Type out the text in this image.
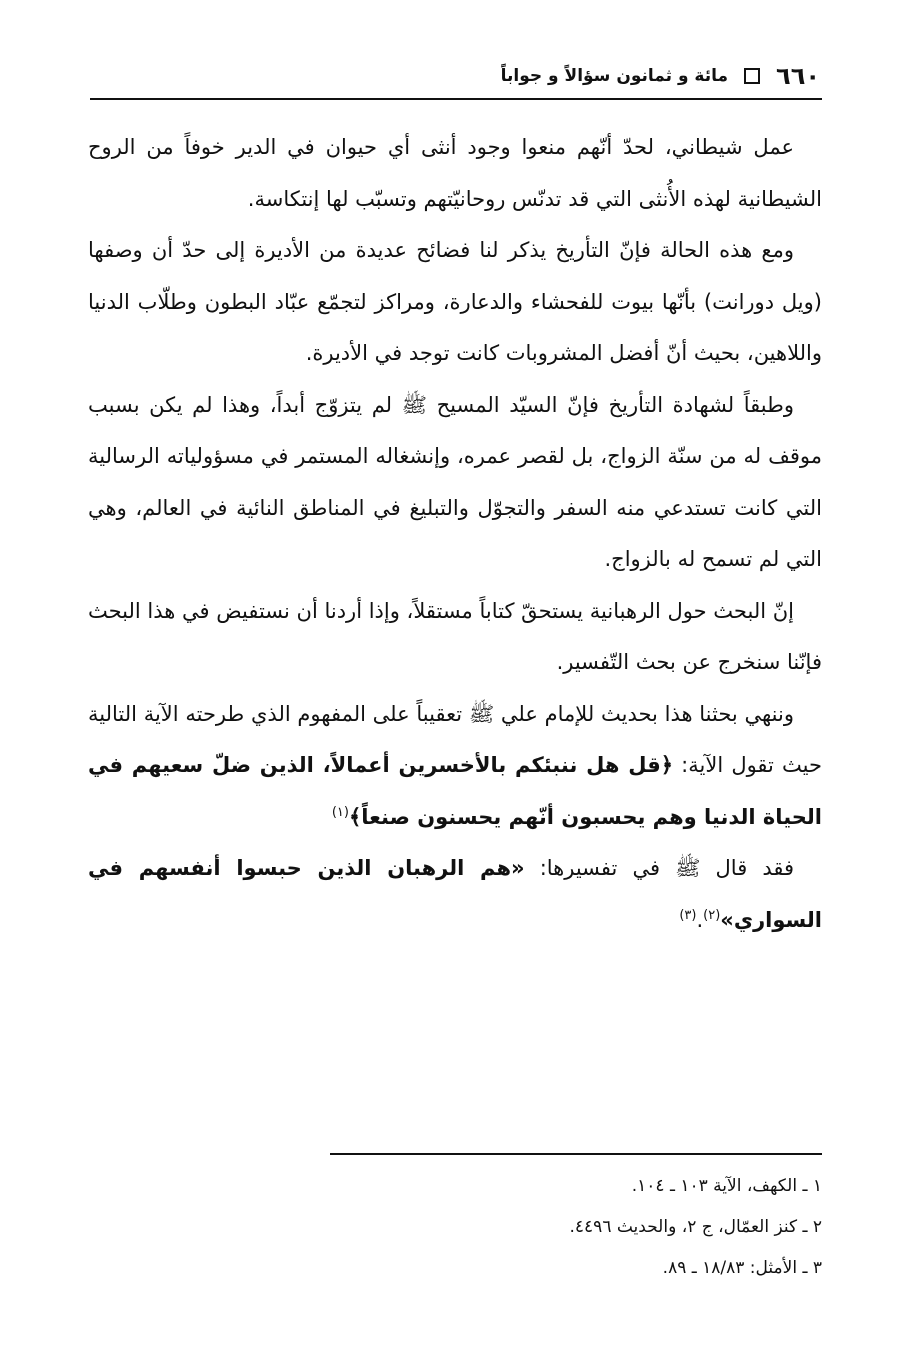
٦٦٠
مائة و ثمانون سؤالاً و جواباً

عمل شيطاني، لحدّ أنّهم منعوا وجود أنثى أي حيوان في الدير خوفاً من الروح الشيطانية لهذه الأُنثى التي قد تدنّس روحانيّتهم وتسبّب لها إنتكاسة.

ومع هذه الحالة فإنّ التأريخ يذكر لنا فضائح عديدة من الأديرة إلى حدّ أن وصفها (ويل دورانت) بأنّها بيوت للفحشاء والدعارة، ومراكز لتجمّع عبّاد البطون وطلّاب الدنيا واللاهين، بحيث أنّ أفضل المشروبات كانت توجد في الأديرة.

وطبقاً لشهادة التأريخ فإنّ السيّد المسيح ﷺ لم يتزوّج أبداً، وهذا لم يكن بسبب موقف له من سنّة الزواج، بل لقصر عمره، وإنشغاله المستمر في مسؤولياته الرسالية التي كانت تستدعي منه السفر والتجوّل والتبليغ في المناطق النائية في العالم، وهي التي لم تسمح له بالزواج.

إنّ البحث حول الرهبانية يستحقّ كتاباً مستقلاً، وإذا أردنا أن نستفيض في هذا البحث فإنّنا سنخرج عن بحث التّفسير.

وننهي بحثنا هذا بحديث للإمام علي ﷺ تعقيباً على المفهوم الذي طرحته الآية التالية حيث تقول الآية: ﴿قل هل ننبئكم بالأخسرين أعمالاً، الذين ضلّ سعيهم في الحياة الدنيا وهم يحسبون أنّهم يحسنون صنعاً﴾$^{(١)}$

فقد قال ﷺ في تفسيرها: «هم الرهبان الذين حبسوا أنفسهم في السواري»$^{(٢)}$.$^{(٣)}$

١ ـ الكهف، الآية ١٠٣ ـ ١٠٤.
٢ ـ كنز العمّال، ج ٢، والحديث ٤٤٩٦.
٣ ـ الأمثل: ١٨/٨٣ ـ ٨٩.
